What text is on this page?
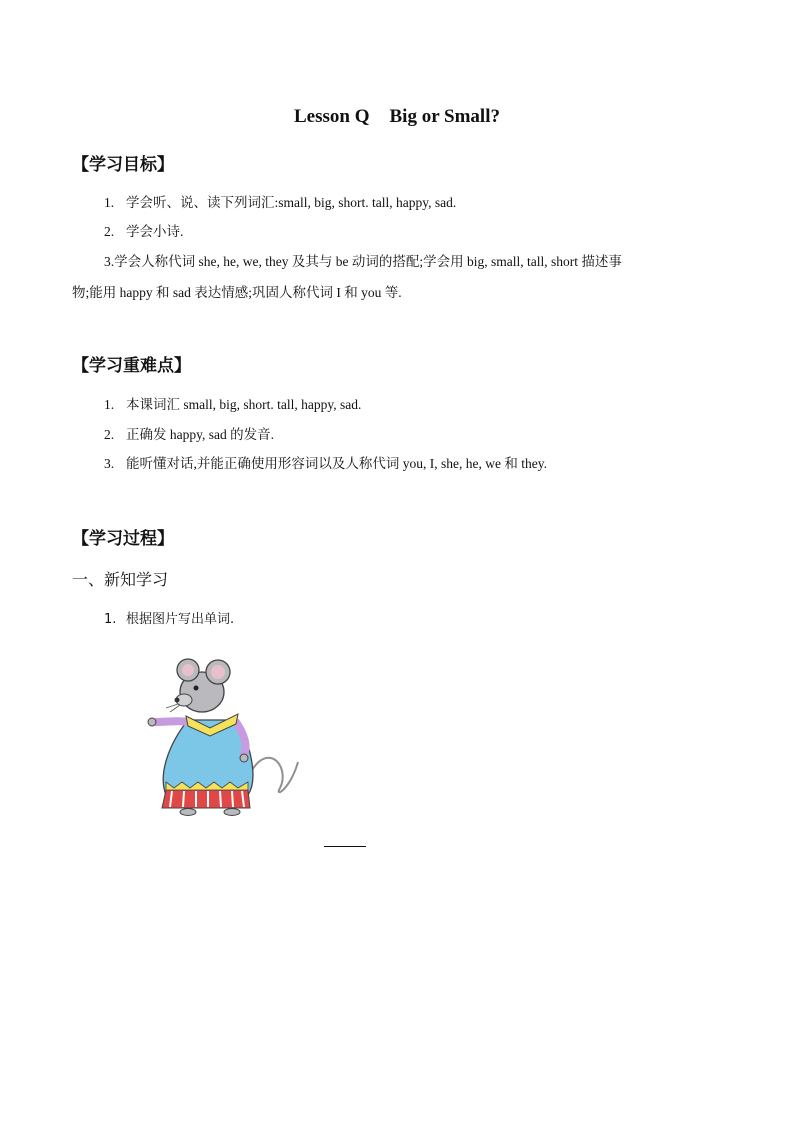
Lesson Q Big or Small?
【学习目标】
1. 学会听、说、读下列词汇:small, big, short. tall, happy, sad.
2. 学会小诗.
3.学会人称代词 she, he, we, they 及其与 be 动词的搭配;学会用 big, small, tall, short 描述事
物;能用 happy 和 sad 表达情感;巩固人称代词 I 和 you 等.
【学习重难点】
1. 本课词汇 small, big, short. tall, happy, sad.
2. 正确发 happy, sad 的发音.
3. 能听懂对话,并能正确使用形容词以及人称代词 you, I, she, he, we 和 they.
【学习过程】
一、新知学习
1. 根据图片写出单词.
